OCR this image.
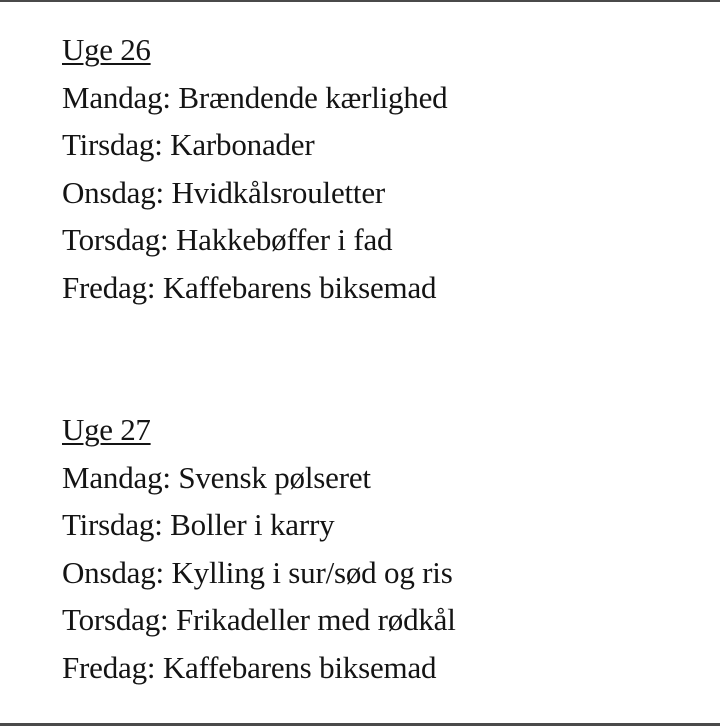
Uge 26
Mandag: Brændende kærlighed
Tirsdag: Karbonader
Onsdag: Hvidkålsrouletter
Torsdag: Hakkebøffer i fad
Fredag: Kaffebarens biksemad
Uge 27
Mandag: Svensk pølseret
Tirsdag: Boller i karry
Onsdag: Kylling i sur/sød og ris
Torsdag: Frikadeller med rødkål
Fredag: Kaffebarens biksemad
